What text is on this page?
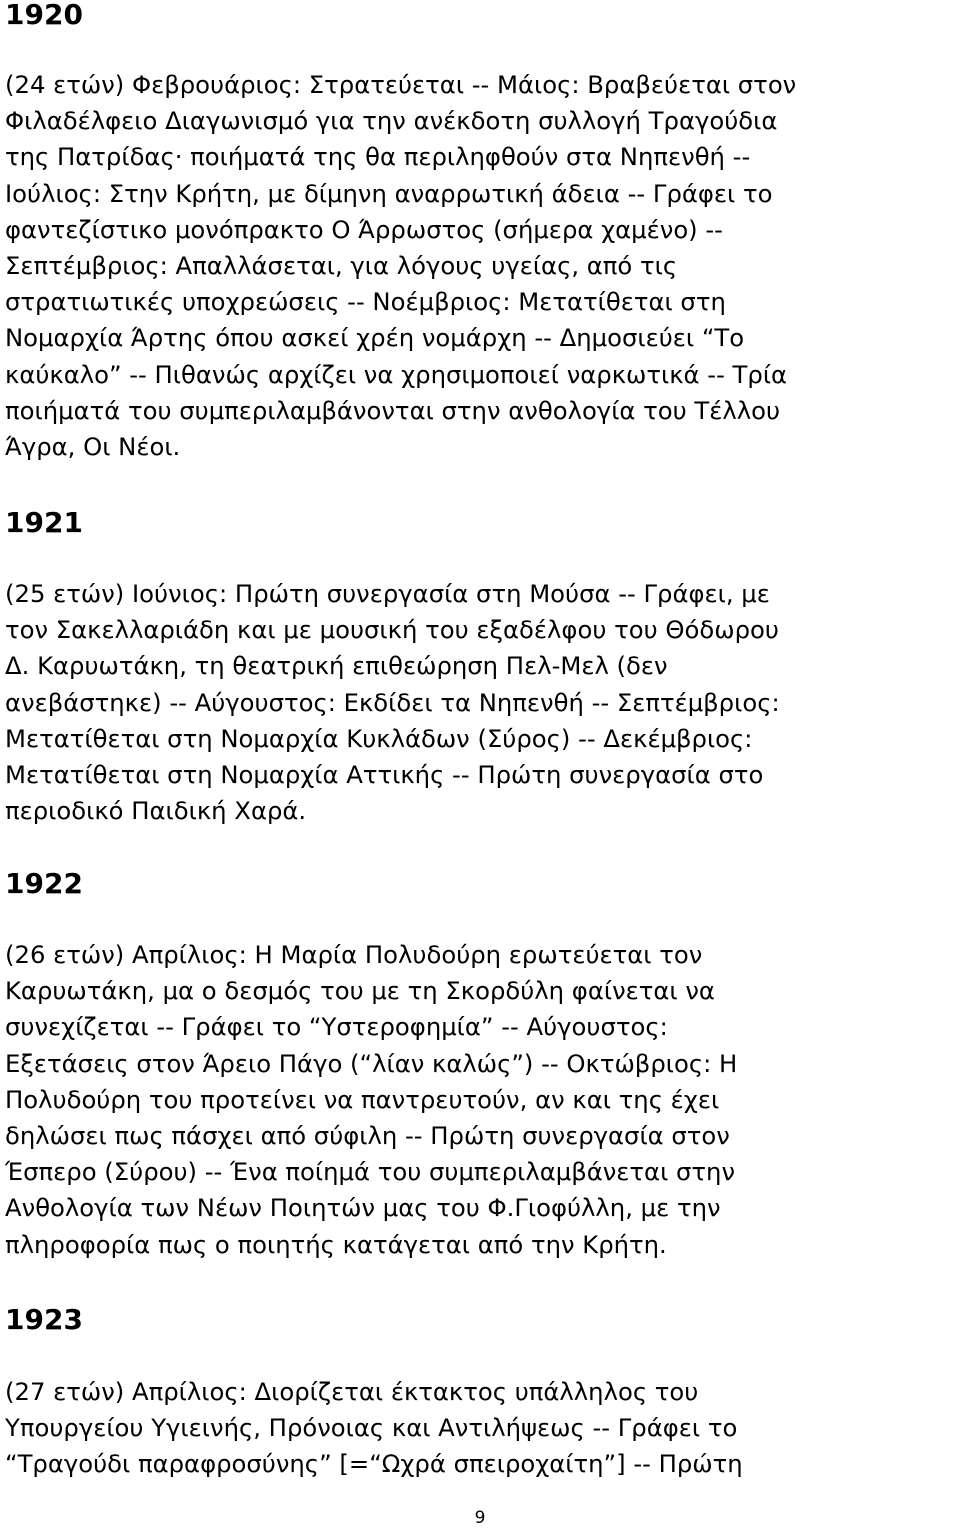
1920
(24 ετών) Φεβρουάριος: Στρατεύεται -- Μάιος: Βραβεύεται στον
Φιλαδέλφειο Διαγωνισμό για την ανέκδοτη συλλογή Τραγούδια
της Πατρίδας· ποιήματά της θα περιληφθούν στα Νηπενθή --
Ιούλιος: Στην Κρήτη, με δίμηνη αναρρωτική άδεια -- Γράφει το
φαντεζίστικο μονόπρακτο Ο Άρρωστος (σήμερα χαμένο) --
Σεπτέμβριος: Απαλλάσεται, για λόγους υγείας, από τις
στρατιωτικές υποχρεώσεις -- Νοέμβριος: Μετατίθεται στη
Νομαρχία Άρτης όπου ασκεί χρέη νομάρχη -- Δημοσιεύει “Το
καύκαλο” -- Πιθανώς αρχίζει να χρησιμοποιεί ναρκωτικά -- Τρία
ποιήματά του συμπεριλαμβάνονται στην ανθολογία του Τέλλου
Άγρα, Οι Νέοι.
1921
(25 ετών) Ιούνιος: Πρώτη συνεργασία στη Μούσα -- Γράφει, με
τον Σακελλαριάδη και με μουσική του εξαδέλφου του Θόδωρου
Δ. Καρυωτάκη, τη θεατρική επιθεώρηση Πελ-Μελ (δεν
ανεβάστηκε) -- Αύγουστος: Εκδίδει τα Νηπενθή -- Σεπτέμβριος:
Μετατίθεται στη Νομαρχία Κυκλάδων (Σύρος) -- Δεκέμβριος:
Μετατίθεται στη Νομαρχία Αττικής -- Πρώτη συνεργασία στο
περιοδικό Παιδική Χαρά.
1922
(26 ετών) Απρίλιος: Η Μαρία Πολυδούρη ερωτεύεται τον
Καρυωτάκη, μα ο δεσμός του με τη Σκορδύλη φαίνεται να
συνεχίζεται -- Γράφει το “Υστεροφημία” -- Αύγουστος:
Εξετάσεις στον Άρειο Πάγο (“λίαν καλώς”) -- Οκτώβριος: Η
Πολυδούρη του προτείνει να παντρευτούν, αν και της έχει
δηλώσει πως πάσχει από σύφιλη -- Πρώτη συνεργασία στον
Έσπερο (Σύρου) -- Ένα ποίημά του συμπεριλαμβάνεται στην
Ανθολογία των Νέων Ποιητών μας του Φ.Γιοφύλλη, με την
πληροφορία πως ο ποιητής κατάγεται από την Κρήτη.
1923
(27 ετών) Απρίλιος: Διορίζεται έκτακτος υπάλληλος του
Υπουργείου Υγιεινής, Πρόνοιας και Αντιλήψεως -- Γράφει το
“Τραγούδι παραφροσύνης” [=“Ωχρά σπειροχαίτη”] -- Πρώτη
9
